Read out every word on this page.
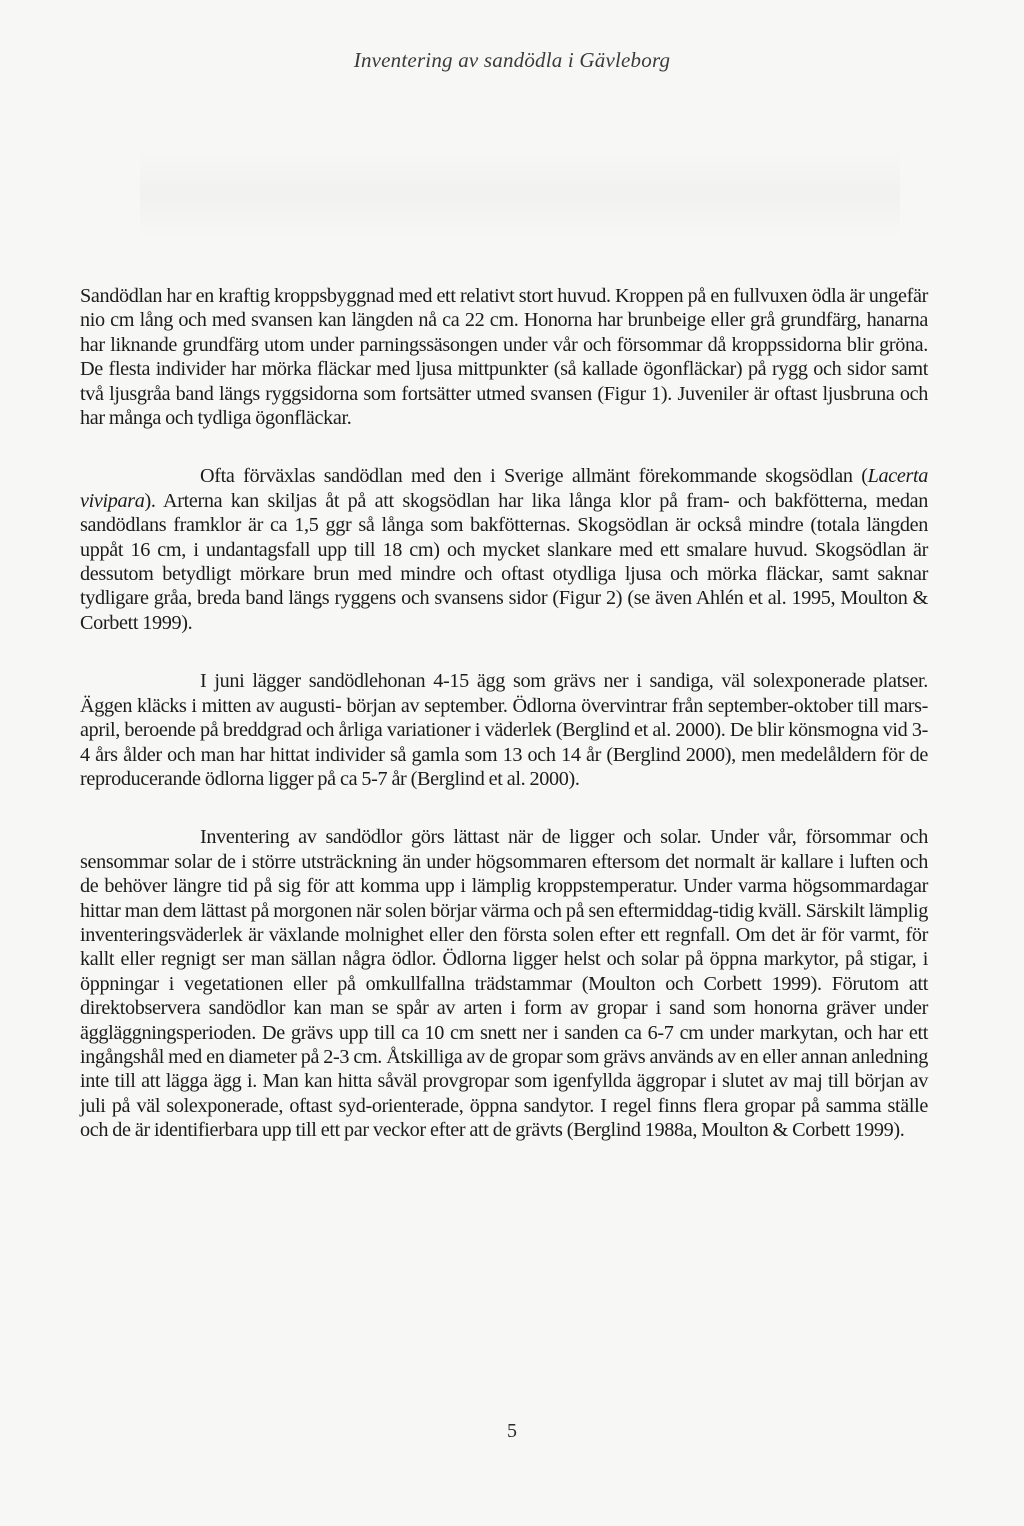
Inventering av sandödla i Gävleborg

Sandödlan har en kraftig kroppsbyggnad med ett relativt stort huvud. Kroppen på en fullvuxen ödla är ungefär nio cm lång och med svansen kan längden nå ca 22 cm. Honorna har brunbeige eller grå grundfärg, hanarna har liknande grundfärg utom under parningssäsongen under vår och försommar då kroppssidorna blir gröna. De flesta individer har mörka fläckar med ljusa mittpunkter (så kallade ögonfläckar) på rygg och sidor samt två ljusgråa band längs ryggsidorna som fortsätter utmed svansen (Figur 1). Juveniler är oftast ljusbruna och har många och tydliga ögonfläckar.

Ofta förväxlas sandödlan med den i Sverige allmänt förekommande skogsödlan (Lacerta vivipara). Arterna kan skiljas åt på att skogsödlan har lika långa klor på fram- och bakfötterna, medan sandödlans framklor är ca 1,5 ggr så långa som bakfötternas. Skogsödlan är också mindre (totala längden uppåt 16 cm, i undantagsfall upp till 18 cm) och mycket slankare med ett smalare huvud. Skogsödlan är dessutom betydligt mörkare brun med mindre och oftast otydliga ljusa och mörka fläckar, samt saknar tydligare gråa, breda band längs ryggens och svansens sidor (Figur 2) (se även Ahlén et al. 1995, Moulton & Corbett 1999).

I juni lägger sandödlehonan 4-15 ägg som grävs ner i sandiga, väl solexponerade platser. Äggen kläcks i mitten av augusti- början av september. Ödlorna övervintrar från september-oktober till mars-april, beroende på breddgrad och årliga variationer i väderlek (Berglind et al. 2000). De blir könsmogna vid 3-4 års ålder och man har hittat individer så gamla som 13 och 14 år (Berglind 2000), men medelåldern för de reproducerande ödlorna ligger på ca 5-7 år (Berglind et al. 2000).

Inventering av sandödlor görs lättast när de ligger och solar. Under vår, försommar och sensommar solar de i större utsträckning än under högsommaren eftersom det normalt är kallare i luften och de behöver längre tid på sig för att komma upp i lämplig kroppstemperatur. Under varma högsommardagar hittar man dem lättast på morgonen när solen börjar värma och på sen eftermiddag-tidig kväll. Särskilt lämplig inventeringsväderlek är växlande molnighet eller den första solen efter ett regnfall. Om det är för varmt, för kallt eller regnigt ser man sällan några ödlor. Ödlorna ligger helst och solar på öppna markytor, på stigar, i öppningar i vegetationen eller på omkullfallna trädstammar (Moulton och Corbett 1999). Förutom att direktobservera sandödlor kan man se spår av arten i form av gropar i sand som honorna gräver under äggläggningsperioden. De grävs upp till ca 10 cm snett ner i sanden ca 6-7 cm under markytan, och har ett ingångshål med en diameter på 2-3 cm. Åtskilliga av de gropar som grävs används av en eller annan anledning inte till att lägga ägg i. Man kan hitta såväl provgropar som igenfyllda äggropar i slutet av maj till början av juli på väl solexponerade, oftast syd-orienterade, öppna sandytor. I regel finns flera gropar på samma ställe och de är identifierbara upp till ett par veckor efter att de grävts (Berglind 1988a, Moulton & Corbett 1999).

5
